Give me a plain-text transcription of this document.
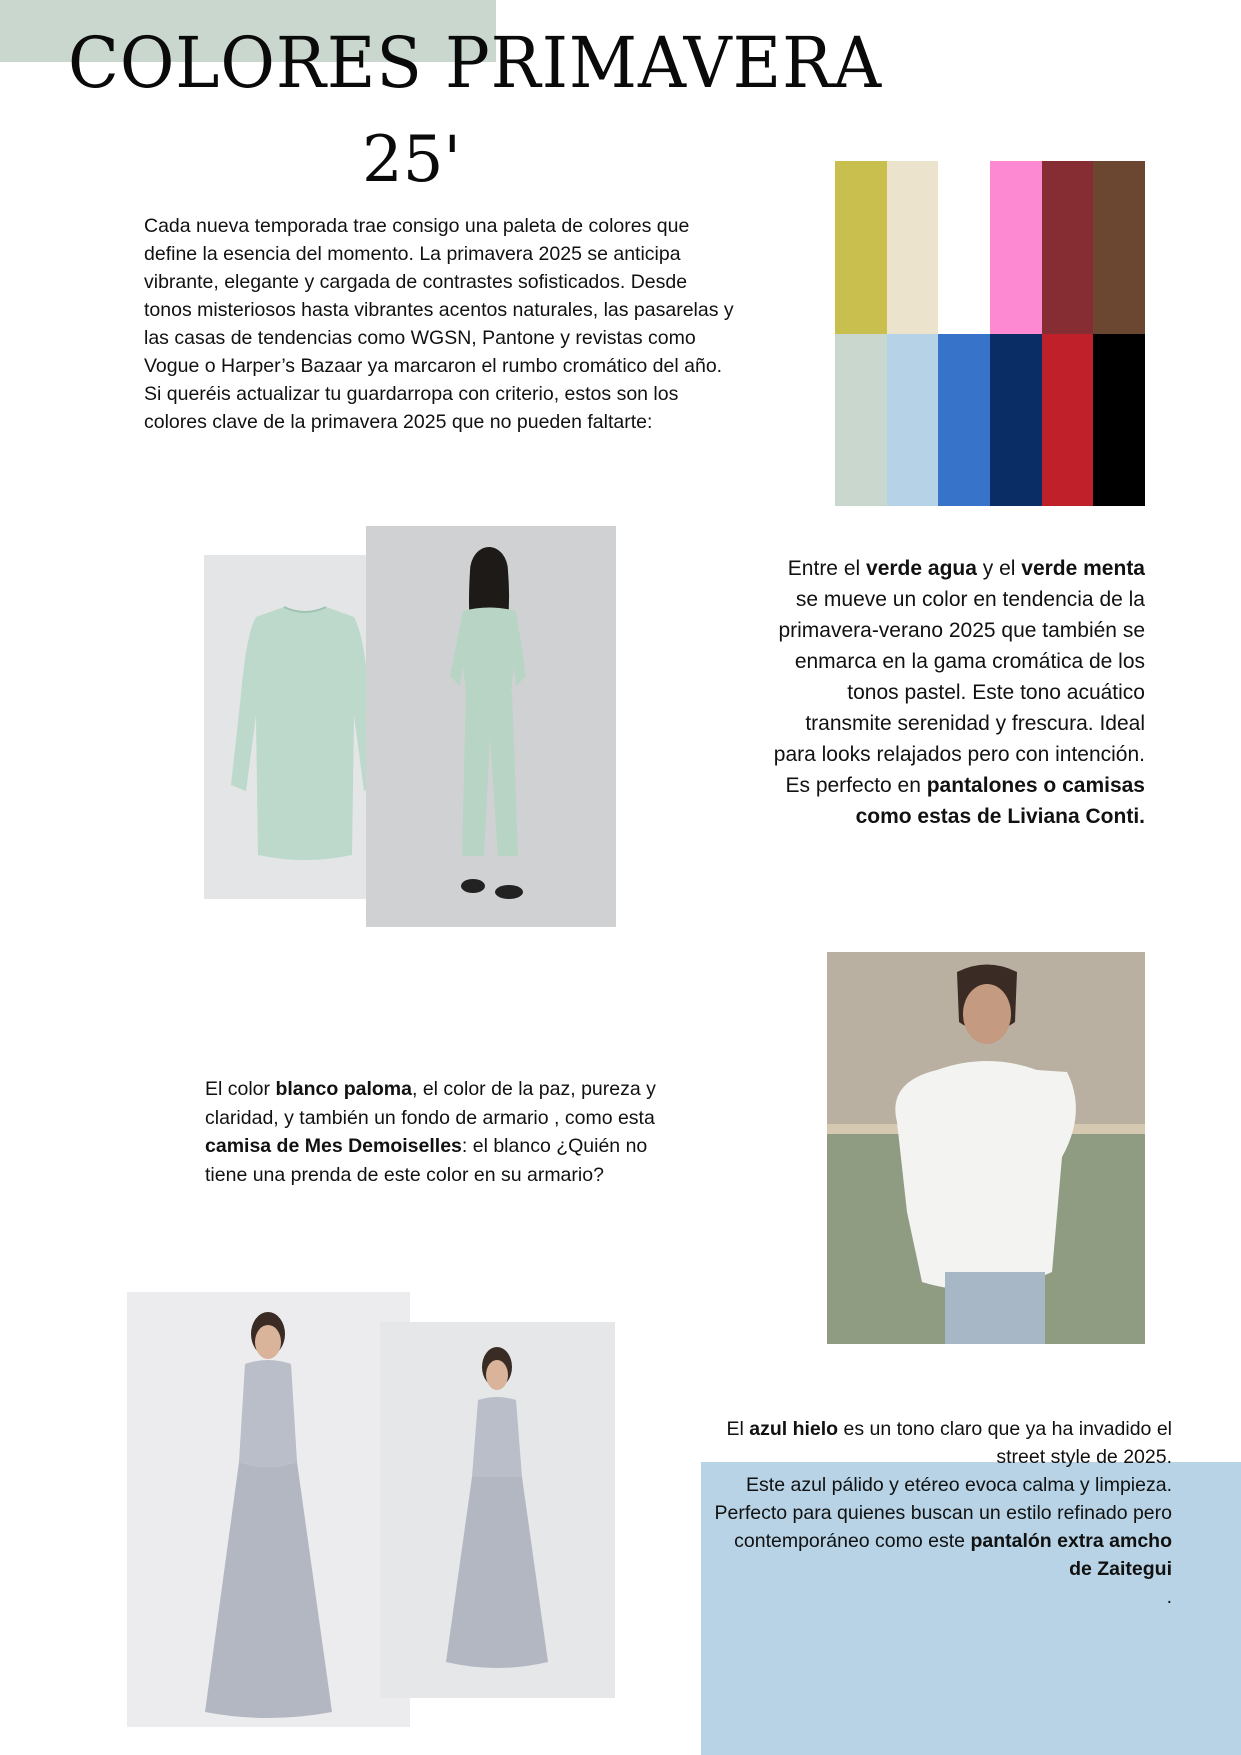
COLORES PRIMAVERA
25'

Cada nueva temporada trae consigo una paleta de colores que define la esencia del momento. La primavera 2025 se anticipa vibrante, elegante y cargada de contrastes sofisticados. Desde tonos misteriosos hasta vibrantes acentos naturales, las pasarelas y las casas de tendencias como WGSN, Pantone y revistas como Vogue o Harper’s Bazaar ya marcaron el rumbo cromático del año.

Si queréis actualizar tu guardarropa con criterio, estos son los colores clave de la primavera 2025 que no pueden faltarte:

Entre el verde agua y el verde menta se mueve un color en tendencia de la primavera-verano 2025 que también se enmarca en la gama cromática de los tonos pastel. Este tono acuático transmite serenidad y frescura. Ideal para looks relajados pero con intención. Es perfecto en pantalones o camisas como estas de Liviana Conti.
El color blanco paloma, el color de la paz, pureza y claridad, y también un fondo de armario , como esta camisa de Mes Demoiselles: el blanco ¿Quién no tiene una prenda de este color en su armario?
El azul hielo es un tono claro que ya ha invadido el street style de 2025.
Este azul pálido y etéreo evoca calma y limpieza. Perfecto para quienes buscan un estilo refinado pero contemporáneo como este pantalón extra amcho de Zaitegui
.
